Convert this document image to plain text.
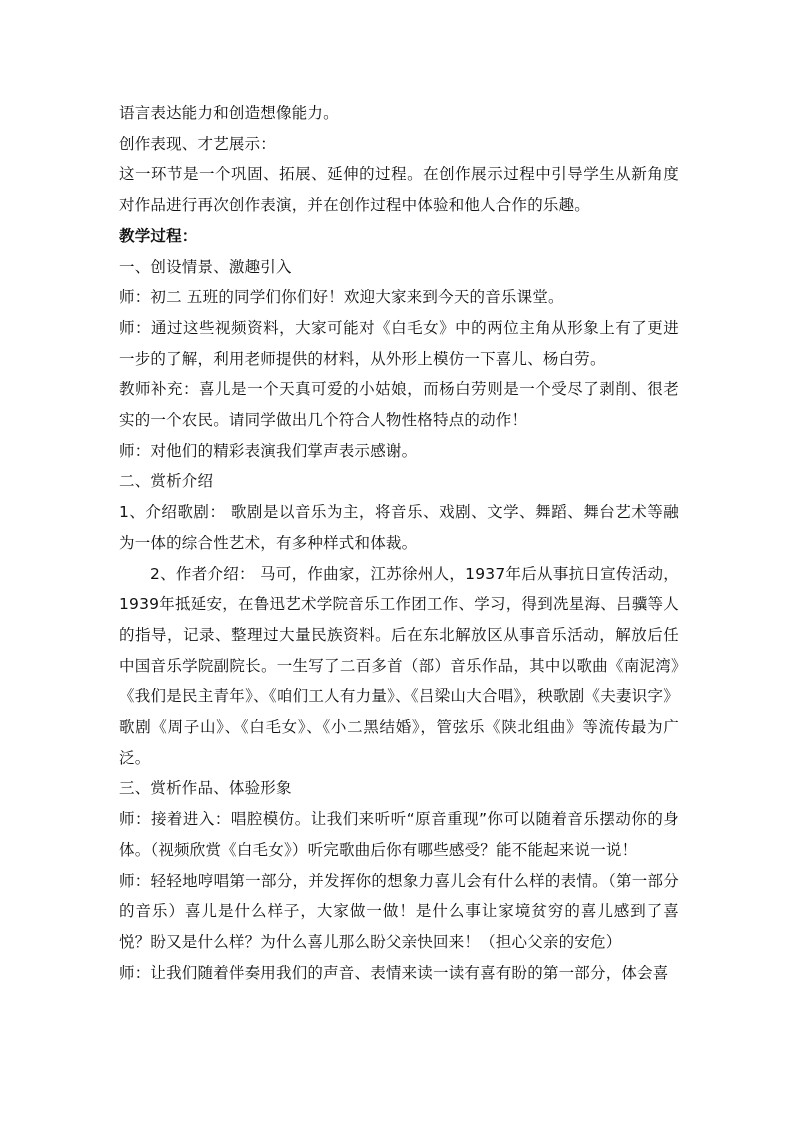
语言表达能力和创造想像能力。

创作表现、才艺展示：

这一环节是一个巩固、拓展、延伸的过程。在创作展示过程中引导学生从新角度对作品进行再次创作表演，并在创作过程中体验和他人合作的乐趣。

教学过程：

一、创设情景、激趣引入

师：初二 五班的同学们你们好！欢迎大家来到今天的音乐课堂。

师：通过这些视频资料，大家可能对《白毛女》中的两位主角从形象上有了更进一步的了解，利用老师提供的材料，从外形上模仿一下喜儿、杨白劳。

教师补充：喜儿是一个天真可爱的小姑娘，而杨白劳则是一个受尽了剥削、很老实的一个农民。请同学做出几个符合人物性格特点的动作！

师：对他们的精彩表演我们掌声表示感谢。

二、赏析介绍

1、介绍歌剧： 歌剧是以音乐为主，将音乐、戏剧、文学、舞蹈、舞台艺术等融为一体的综合性艺术，有多种样式和体裁。

2、作者介绍： 马可，作曲家，江苏徐州人，1937年后从事抗日宣传活动，1939年抵延安，在鲁迅艺术学院音乐工作团工作、学习，得到冼星海、吕骥等人的指导，记录、整理过大量民族资料。后在东北解放区从事音乐活动，解放后任中国音乐学院副院长。一生写了二百多首（部）音乐作品，其中以歌曲《南泥湾》《我们是民主青年》、《咱们工人有力量》、《吕梁山大合唱》，秧歌剧《夫妻识字》歌剧《周子山》、《白毛女》、《小二黑结婚》，管弦乐《陕北组曲》等流传最为广泛。

三、赏析作品、体验形象

师：接着进入：唱腔模仿。让我们来听听“原音重现”你可以随着音乐摆动你的身体。（视频欣赏《白毛女》）听完歌曲后你有哪些感受？能不能起来说一说！

师：轻轻地哼唱第一部分，并发挥你的想象力喜儿会有什么样的表情。（第一部分的音乐）喜儿是什么样子，大家做一做！是什么事让家境贫穷的喜儿感到了喜悦？盼又是什么样？为什么喜儿那么盼父亲快回来！（担心父亲的安危）

师：让我们随着伴奏用我们的声音、表情来读一读有喜有盼的第一部分，体会喜
